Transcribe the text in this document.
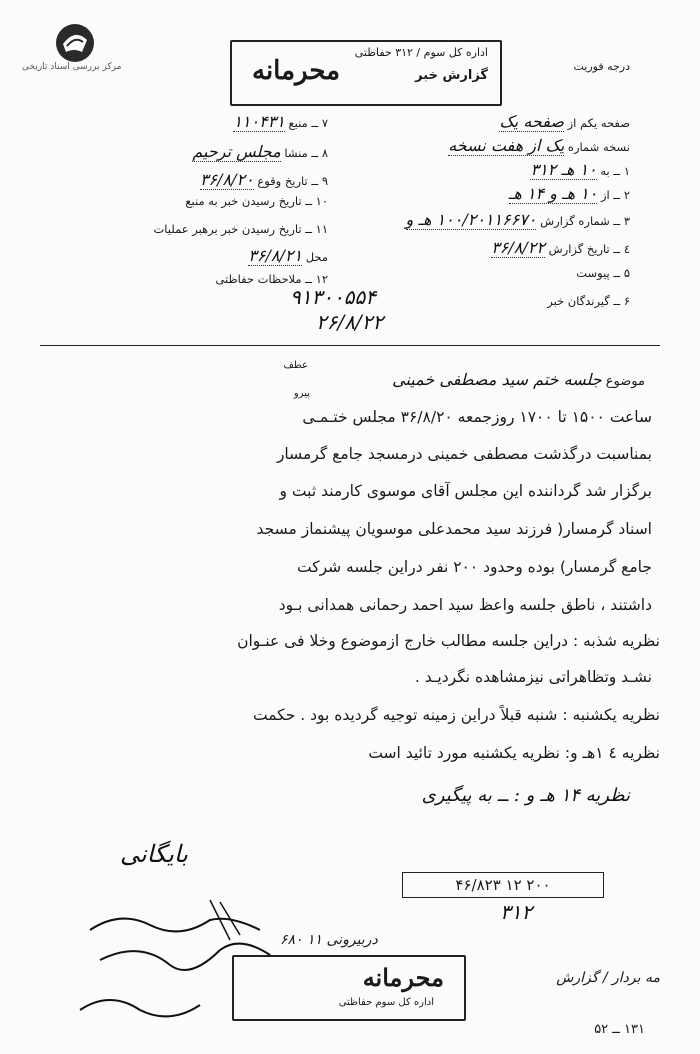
مرکز بررسی اسناد تاریخی	درجه فوریت
اداره کل سوم / ۳۱۲ حفاظتی
گزارش خبر
محرمانه
صفحه یکم از صفحه یک
نسخه شماره یک از هفت نسخه
۱ ــ به ۱۰ هـ ۳۱۲
۲ ــ از ۱۰ هـ و ۱۴ هـ
۳ ــ شماره گزارش ۱۰۰/۲۰۱۱۶۶۷۰ هـ و
٤ ــ تاریخ گزارش ۳۶/۸/۲۲
۵ ــ پیوست
۶ ــ گیرندگان خبر
۷ ــ منبع ۱۱۰۴۳۱
۸ ــ منشا مجلس ترحیم
۹ ــ تاریخ وقوع ۳۶/۸/۲۰
۱۰ ــ تاریخ رسیدن خبر به منبع
۱۱ ــ تاریخ رسیدن خبر برهبر عملیات
محل ۳۶/۸/۲۱
۱۲ ــ ملاحظات حفاظتی
۹۱۳۰۰۵۵۴
۲۶/۸/۲۲
موضوع جلسه ختم سید مصطفی خمینی
عطف
پیرو
ساعت ۱۵۰۰ تا ۱۷۰۰ روزجمعه ۳۶/۸/۲۰ مجلس ختـمـی
بمناسبت درگذشت مصطفی خمینی درمسجد جامع گرمسار
برگزار شد گرداننده این مجلس آقای موسوی کارمند ثبت و
اسناد گرمسار( فرزند سید محمدعلی موسویان پیشنماز مسجد
جامع گرمسار) بوده وحدود ۲۰۰ نفر دراین جلسه شرکت
داشتند ، ناطق جلسه واعظ سید احمد رحمانی همدانی بـود
نظریه شذبه : دراین جلسه مطالب خارج ازموضوع وخلا فی عنـوان
نشـد وتظاهراتی نیزمشاهده نگردیـد .
نظریه یکشنبه : شنبه قبلاً دراین زمینه توجیه گردیده بود . حکمت
نظریه ٤ ۱هـ و: نظریه یکشنبه مورد تائید است
نظریه ۱۴ هـ و : ــ به پیگیری
بایگانی
۴۶/۸۲۳ ۱۲ ۲۰۰
۳۱۲
دربیرونی ۱۱ ۶۸۰
مه بردار / گزارش
۱۳۱ ــ ۵۲
محرمانه
اداره کل سوم حفاظتی
